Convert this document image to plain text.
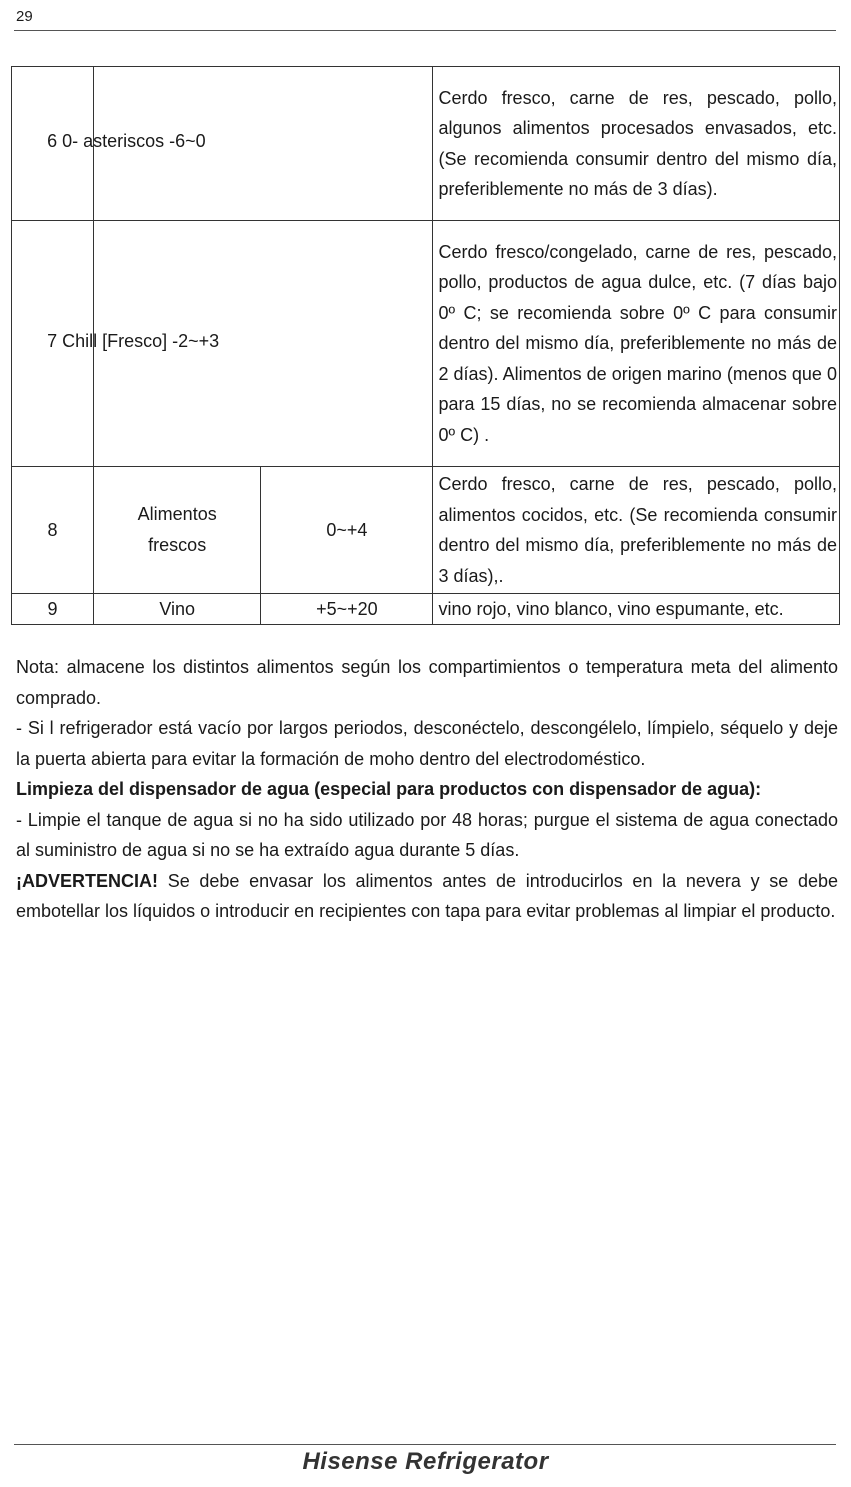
29

	6 0- asteriscos -6~0		Cerdo fresco, carne de res, pescado, pollo, algunos alimentos procesados envasados, etc. (Se recomienda consumir dentro del mismo día, preferiblemente no más de 3 días).

	7 Chill [Fresco] -2~+3		Cerdo fresco/congelado, carne de res, pescado, pollo, productos de agua dulce, etc. (7 días bajo 0º C; se recomienda sobre 0º C para consumir dentro del mismo día, preferiblemente no más de 2 días). Alimentos de origen marino (menos que 0 para 15 días, no se recomienda almacenar sobre 0º C) .
8	Alimentos frescos	0~+4	Cerdo fresco, carne de res, pescado, pollo, alimentos cocidos, etc. (Se recomienda consumir dentro del mismo día, preferiblemente no más de 3 días),.
9	Vino	+5~+20	vino rojo, vino blanco, vino espumante, etc.

Nota: almacene los distintos alimentos según los compartimientos o temperatura meta del alimento comprado.

- Si l refrigerador está vacío por largos periodos, desconéctelo, descongélelo, límpielo, séquelo y deje la puerta abierta para evitar la formación de moho dentro del electrodoméstico.

Limpieza del dispensador de agua (especial para productos con dispensador de agua):

- Limpie el tanque de agua si no ha sido utilizado por 48 horas; purgue el sistema de agua conectado al suministro de agua si no se ha extraído agua durante 5 días.

¡ADVERTENCIA! Se debe envasar los alimentos antes de introducirlos en la nevera y se debe embotellar los líquidos o introducir en recipientes con tapa para evitar problemas al limpiar el producto.

Hisense Refrigerator
